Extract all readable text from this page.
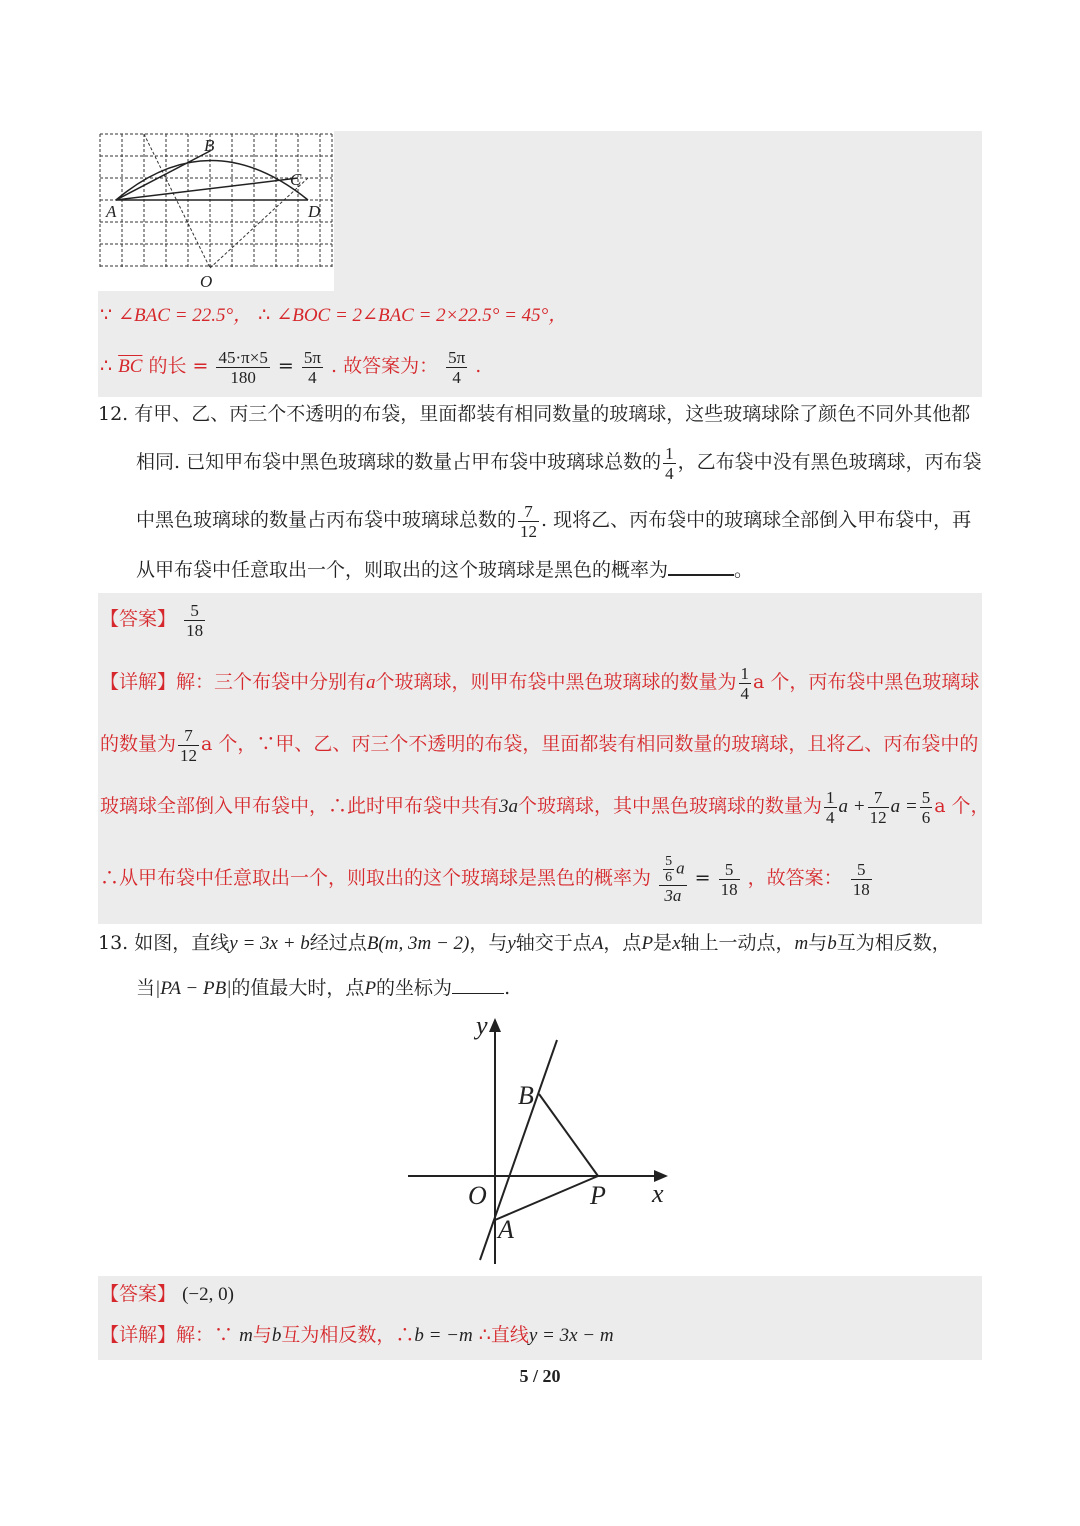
A
B
C
D
O
∵ ∠BAC = 22.5°， ∴ ∠BOC = 2∠BAC = 2×22.5° = 45°，
∴ $\overline{BC}$ 的长 = $\frac{45\cdot\pi\times 5}{180} = \frac{5\pi}{4}$ . 故答案为： $\frac{5\pi}{4}$ .
12. 有甲、乙、丙三个不透明的布袋，里面都装有相同数量的玻璃球，这些玻璃球除了颜色不同外其他都
相同. 已知甲布袋中黑色玻璃球的数量占甲布袋中玻璃球总数的 $\frac{1}{4}$ ，乙布袋中没有黑色玻璃球，丙布袋
中黑色玻璃球的数量占丙布袋中玻璃球总数的 $\frac{7}{12}$ . 现将乙、丙布袋中的玻璃球全部倒入甲布袋中，再
从甲布袋中任意取出一个，则取出的这个玻璃球是黑色的概率为	。
【答案】 $\frac{5}{18}$
【详解】解：三个布袋中分别有a个玻璃球，则甲布袋中黑色玻璃球的数量为 $\frac{1}{4}$ a 个，丙布袋中黑色玻璃球
的数量为 $\frac{7}{12}$ a 个，∵甲、乙、丙三个不透明的布袋，里面都装有相同数量的玻璃球，且将乙、丙布袋中的
玻璃球全部倒入甲布袋中，∴此时甲布袋中共有3a个玻璃球，其中黑色玻璃球的数量为 $\frac{1}{4}$ $a + \frac{7}{12}$ $a = \frac{5}{6}$ a 个，
∴从甲布袋中任意取出一个，则取出的这个玻璃球是黑色的概率为 $\frac{\frac{5}{6} a}{3a} = \frac{5}{18}$ ，故答案： $\frac{5}{18}$
13. 如图，直线y = 3x + b经过点B(m, 3m − 2)，与y轴交于点A，点P是x轴上一动点，m与b互为相反数，
当|PA − PB|的值最大时，点P的坐标为	.
y
x
O
A
B
P
【答案】 (−2, 0)
【详解】解：∵ m与b互为相反数，∴b = −m ∴直线y = 3x − m
5 / 20
